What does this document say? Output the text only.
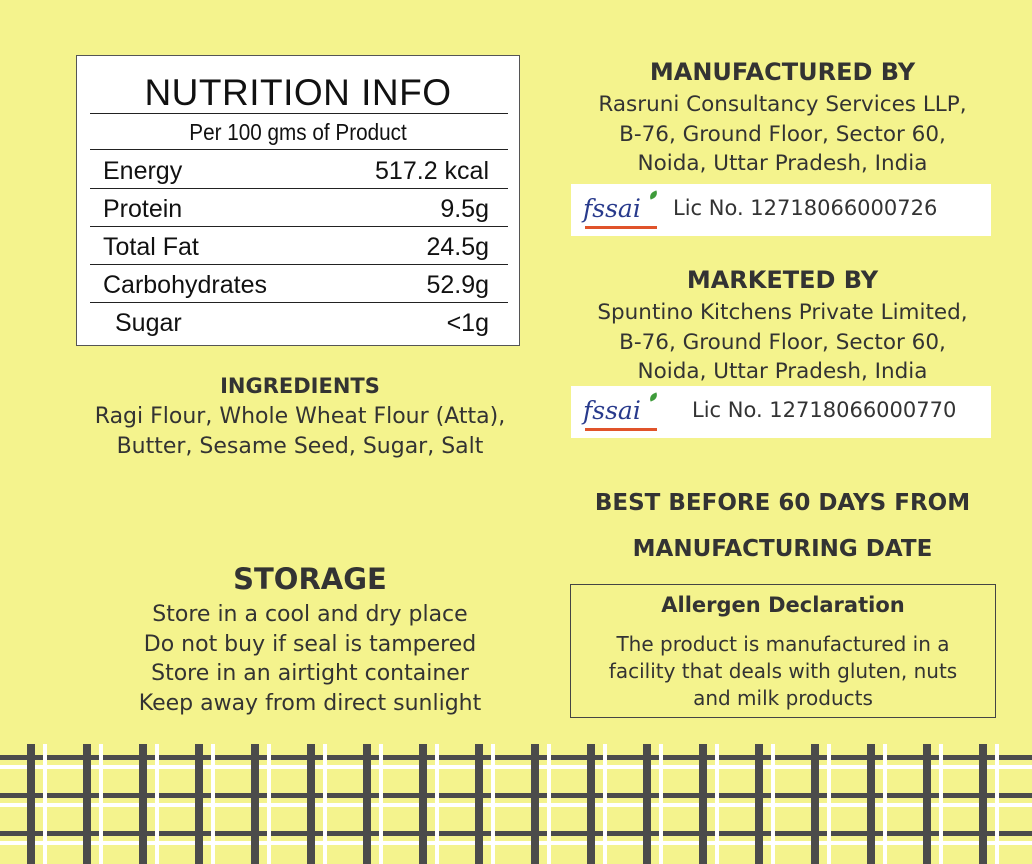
NUTRITION INFO
Per 100 gms of Product
Energy	517.2 kcal
Protein	9.5g
Total Fat	24.5g
Carbohydrates	52.9g
Sugar	<1g
INGREDIENTS
Ragi Flour, Whole Wheat Flour (Atta),
Butter, Sesame Seed, Sugar, Salt
STORAGE
Store in a cool and dry place
Do not buy if seal is tampered
Store in an airtight container
Keep away from direct sunlight
MANUFACTURED BY
Rasruni Consultancy Services LLP,
B-76, Ground Floor, Sector 60,
Noida, Uttar Pradesh, India
fssai Lic No. 12718066000726
MARKETED BY
Spuntino Kitchens Private Limited,
B-76, Ground Floor, Sector 60,
Noida, Uttar Pradesh, India
fssai Lic No. 12718066000770
BEST BEFORE 60 DAYS FROM
MANUFACTURING DATE
Allergen Declaration
The product is manufactured in a
facility that deals with gluten, nuts
and milk products
